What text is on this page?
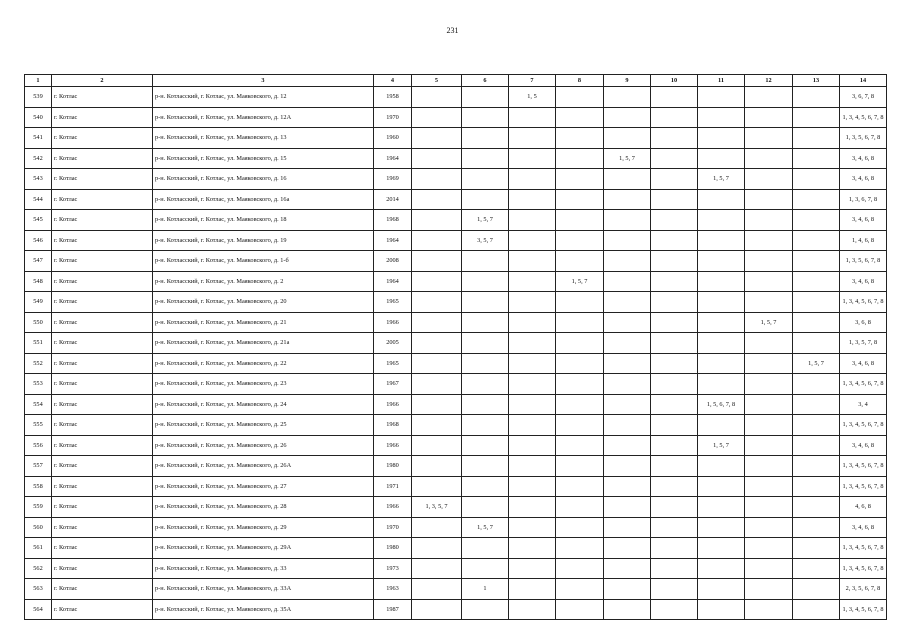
231
1	2	3	4	5	6	7	8	9	10	11	12	13	14
539	г. Котлас	р-н. Котласский, г. Котлас, ул. Маяковского, д. 12	1958			1, 5							3, 6, 7, 8
540	г. Котлас	р-н. Котласский, г. Котлас, ул. Маяковского, д. 12А	1970										1, 3, 4, 5, 6, 7, 8
541	г. Котлас	р-н. Котласский, г. Котлас, ул. Маяковского, д. 13	1960										1, 3, 5, 6, 7, 8
542	г. Котлас	р-н. Котласский, г. Котлас, ул. Маяковского, д. 15	1964					1, 5, 7					3, 4, 6, 8
543	г. Котлас	р-н. Котласский, г. Котлас, ул. Маяковского, д. 16	1969							1, 5, 7			3, 4, 6, 8
544	г. Котлас	р-н. Котласский, г. Котлас, ул. Маяковского, д. 16а	2014										1, 3, 6, 7, 8
545	г. Котлас	р-н. Котласский, г. Котлас, ул. Маяковского, д. 18	1968		1, 5, 7								3, 4, 6, 8
546	г. Котлас	р-н. Котласский, г. Котлас, ул. Маяковского, д. 19	1964		3, 5, 7								1, 4, 6, 8
547	г. Котлас	р-н. Котласский, г. Котлас, ул. Маяковского, д. 1-б	2008										1, 3, 5, 6, 7, 8
548	г. Котлас	р-н. Котласский, г. Котлас, ул. Маяковского, д. 2	1964				1, 5, 7						3, 4, 6, 8
549	г. Котлас	р-н. Котласский, г. Котлас, ул. Маяковского, д. 20	1965										1, 3, 4, 5, 6, 7, 8
550	г. Котлас	р-н. Котласский, г. Котлас, ул. Маяковского, д. 21	1966								1, 5, 7		3, 6, 8
551	г. Котлас	р-н. Котласский, г. Котлас, ул. Маяковского, д. 21а	2005										1, 3, 5, 7, 8
552	г. Котлас	р-н. Котласский, г. Котлас, ул. Маяковского, д. 22	1965									1, 5, 7	3, 4, 6, 8
553	г. Котлас	р-н. Котласский, г. Котлас, ул. Маяковского, д. 23	1967										1, 3, 4, 5, 6, 7, 8
554	г. Котлас	р-н. Котласский, г. Котлас, ул. Маяковского, д. 24	1966							1, 5, 6, 7, 8			3, 4
555	г. Котлас	р-н. Котласский, г. Котлас, ул. Маяковского, д. 25	1968										1, 3, 4, 5, 6, 7, 8
556	г. Котлас	р-н. Котласский, г. Котлас, ул. Маяковского, д. 26	1966							1, 5, 7			3, 4, 6, 8
557	г. Котлас	р-н. Котласский, г. Котлас, ул. Маяковского, д. 26А	1980										1, 3, 4, 5, 6, 7, 8
558	г. Котлас	р-н. Котласский, г. Котлас, ул. Маяковского, д. 27	1971										1, 3, 4, 5, 6, 7, 8
559	г. Котлас	р-н. Котласский, г. Котлас, ул. Маяковского, д. 28	1966	1, 3, 5, 7									4, 6, 8
560	г. Котлас	р-н. Котласский, г. Котлас, ул. Маяковского, д. 29	1970		1, 5, 7								3, 4, 6, 8
561	г. Котлас	р-н. Котласский, г. Котлас, ул. Маяковского, д. 29А	1980										1, 3, 4, 5, 6, 7, 8
562	г. Котлас	р-н. Котласский, г. Котлас, ул. Маяковского, д. 33	1973										1, 3, 4, 5, 6, 7, 8
563	г. Котлас	р-н. Котласский, г. Котлас, ул. Маяковского, д. 33А	1963		1								2, 3, 5, 6, 7, 8
564	г. Котлас	р-н. Котласский, г. Котлас, ул. Маяковского, д. 35А	1987										1, 3, 4, 5, 6, 7, 8
